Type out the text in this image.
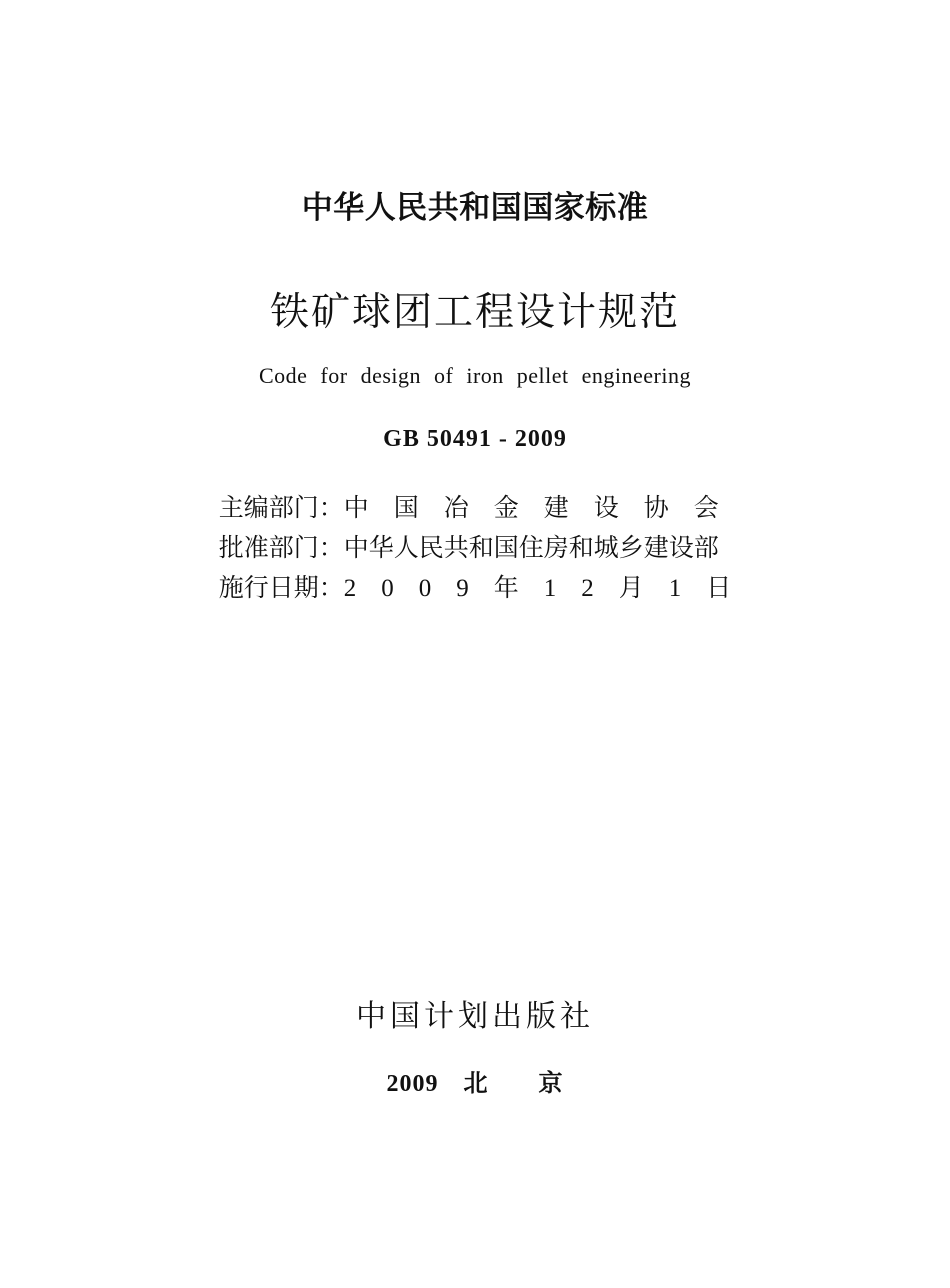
中华人民共和国国家标准
铁矿球团工程设计规范
Code for design of iron pellet engineering
GB 50491 - 2009
主编部门：中　国　冶　金　建　设　协　会
批准部门：中华人民共和国住房和城乡建设部
施行日期：2　0　0　9　年　1　2　月　1　日
中国计划出版社
2009　北　　京
